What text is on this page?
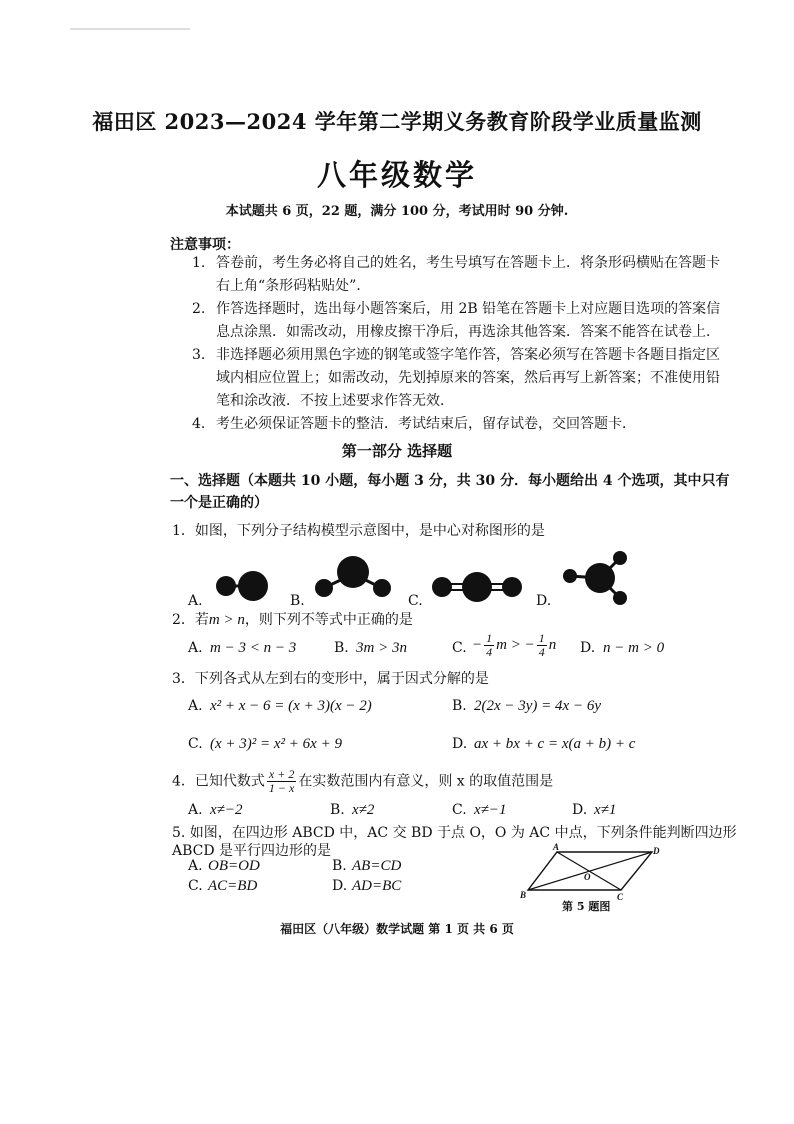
福田区 2023—2024 学年第二学期义务教育阶段学业质量监测
八年级数学
本试题共 6 页，22 题，满分 100 分，考试用时 90 分钟.
注意事项：
1. 答卷前，考生务必将自己的姓名，考生号填写在答题卡上．将条形码横贴在答题卡右上角“条形码粘贴处”．
2. 作答选择题时，选出每小题答案后，用 2B 铅笔在答题卡上对应题目选项的答案信息点涂黑．如需改动，用橡皮擦干净后，再选涂其他答案．答案不能答在试卷上．
3. 非选择题必须用黑色字迹的钢笔或签字笔作答，答案必须写在答题卡各题目指定区域内相应位置上；如需改动，先划掉原来的答案，然后再写上新答案；不准使用铅笔和涂改液．不按上述要求作答无效．
4. 考生必须保证答题卡的整洁．考试结束后，留存试卷，交回答题卡．
第一部分 选择题
一、选择题（本题共 10 小题，每小题 3 分，共 30 分．每小题给出 4 个选项，其中只有一个是正确的）
1．如图，下列分子结构模型示意图中，是中心对称图形的是
A.	B.	C.	D.
2．若m > n，则下列不等式中正确的是
A. m − 3 < n − 3	B. 3m > 3n	C. − $\frac{1}{4}$ m > − $\frac{1}{4}$ n D. n − m > 0
3．下列各式从左到右的变形中，属于因式分解的是
A. x² + x − 6 = (x + 3)(x − 2)	B. 2(2x − 3y) = 4x − 6y
C. (x + 3)² = x² + 6x + 9	D. ax + bx + c = x(a + b) + c
4．已知代数式 $\frac{x + 2}{1 - x}$ 在实数范围内有意义，则 x 的取值范围是
A. x≠−2	B. x≠2	C. x≠−1	D. x≠1
5. 如图，在四边形 ABCD 中，AC 交 BD 于点 O，O 为 AC 中点，下列条件能判断四边形
ABCD 是平行四边形的是
A. OB=OD	B. AB=CD
C. AC=BD	D. AD=BC
A	D
B	C
O
第 5 题图
福田区（八年级）数学试题 第 1 页 共 6 页
